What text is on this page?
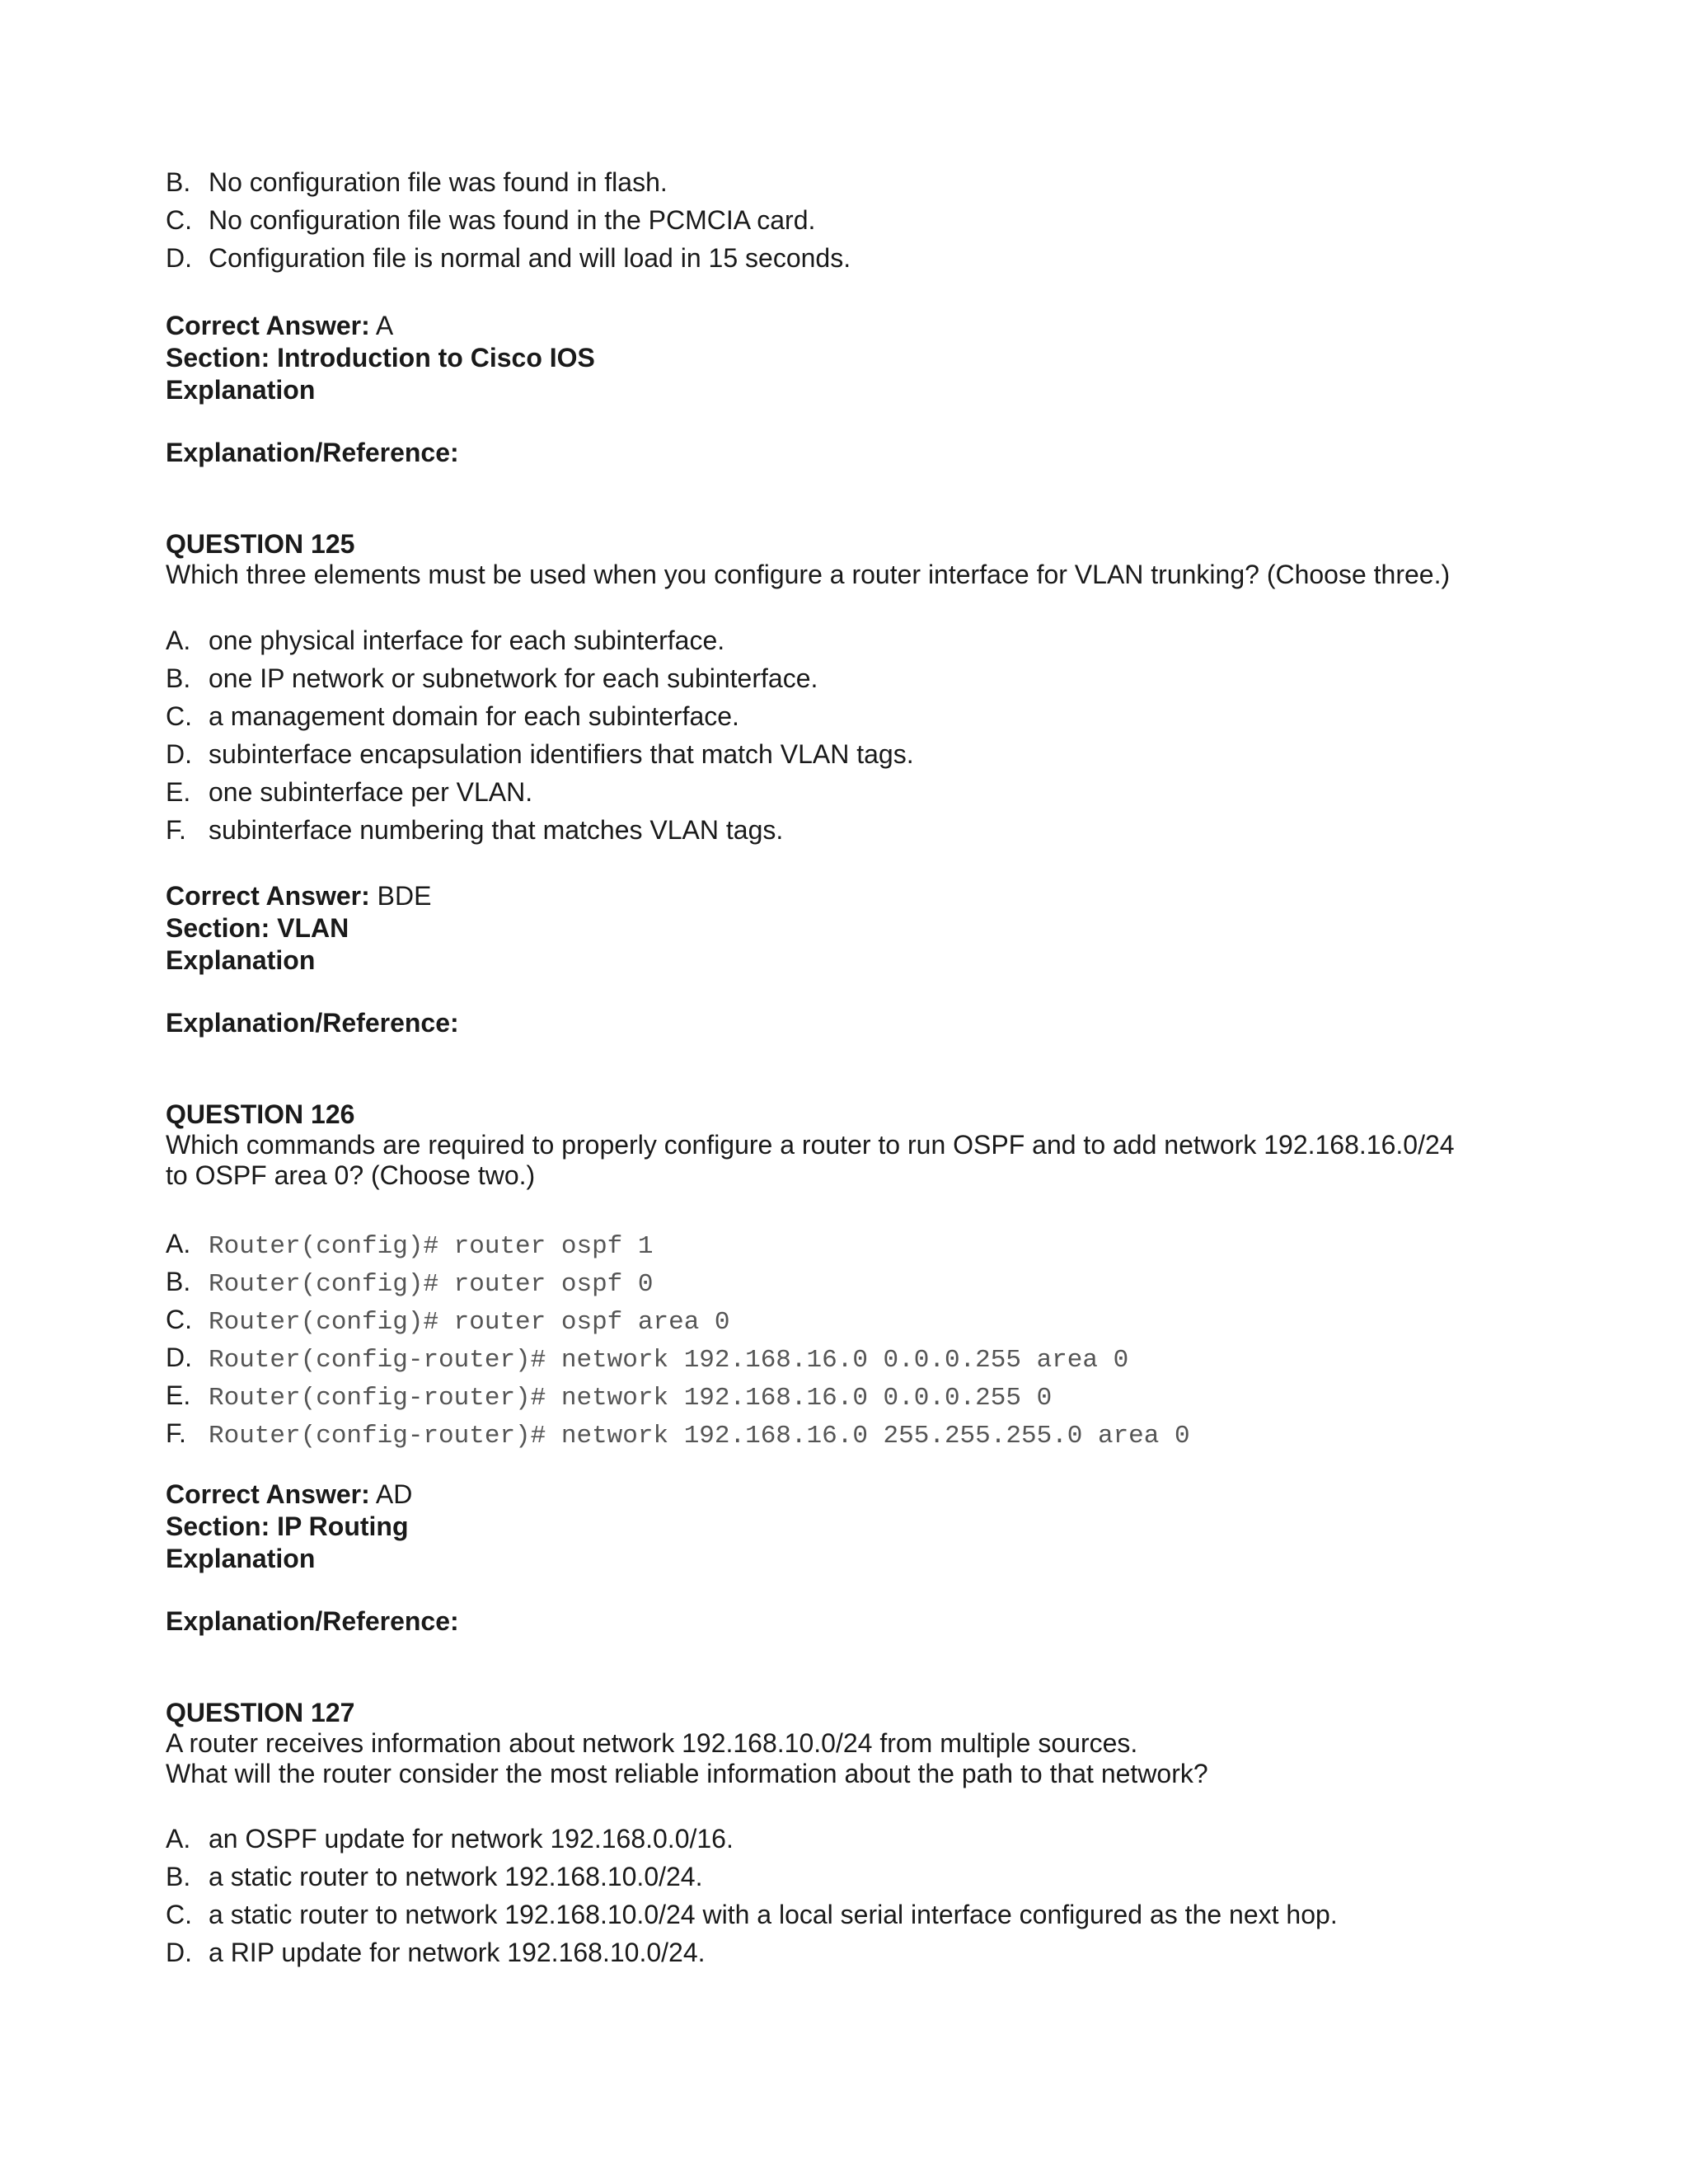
B. No configuration file was found in flash.
C. No configuration file was found in the PCMCIA card.
D. Configuration file is normal and will load in 15 seconds.
Correct Answer: A
Section: Introduction to Cisco IOS
Explanation
Explanation/Reference:
QUESTION 125
Which three elements must be used when you configure a router interface for VLAN trunking? (Choose three.)
A. one physical interface for each subinterface.
B. one IP network or subnetwork for each subinterface.
C. a management domain for each subinterface.
D. subinterface encapsulation identifiers that match VLAN tags.
E. one subinterface per VLAN.
F. subinterface numbering that matches VLAN tags.
Correct Answer: BDE
Section: VLAN
Explanation
Explanation/Reference:
QUESTION 126
Which commands are required to properly configure a router to run OSPF and to add network 192.168.16.0/24
to OSPF area 0? (Choose two.)
A. Router(config)# router ospf 1
B. Router(config)# router ospf 0
C. Router(config)# router ospf area 0
D. Router(config-router)# network 192.168.16.0 0.0.0.255 area 0
E. Router(config-router)# network 192.168.16.0 0.0.0.255 0
F. Router(config-router)# network 192.168.16.0 255.255.255.0 area 0
Correct Answer: AD
Section: IP Routing
Explanation
Explanation/Reference:
QUESTION 127
A router receives information about network 192.168.10.0/24 from multiple sources.
What will the router consider the most reliable information about the path to that network?
A. an OSPF update for network 192.168.0.0/16.
B. a static router to network 192.168.10.0/24.
C. a static router to network 192.168.10.0/24 with a local serial interface configured as the next hop.
D. a RIP update for network 192.168.10.0/24.
